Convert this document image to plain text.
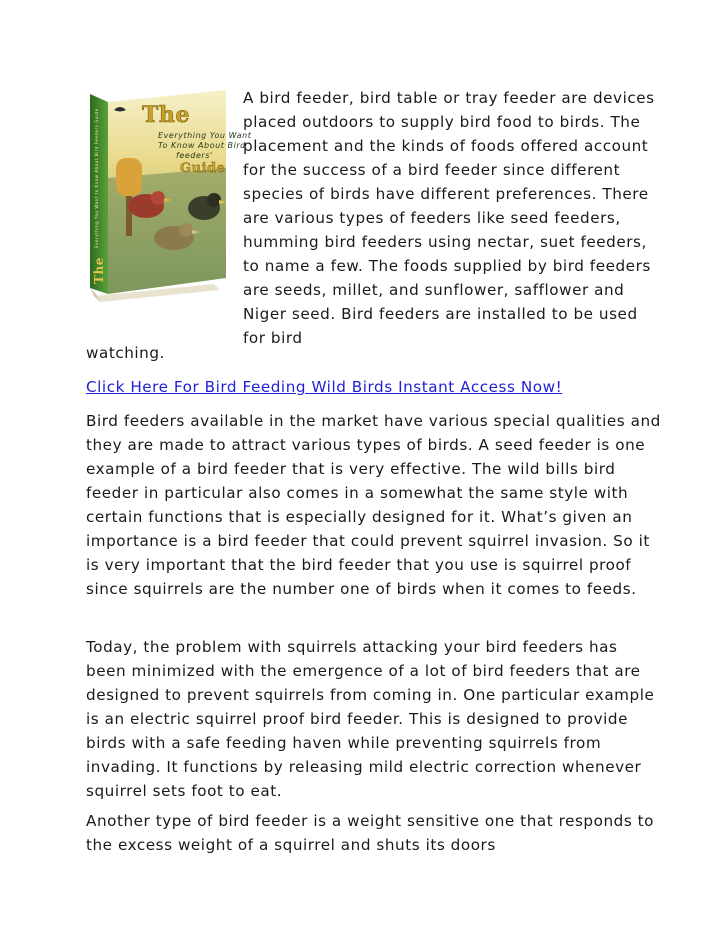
The
Everything You Want
To Know About Bird
feeders'
Guide
The
Everything You Want to Know About Bird Feeders Guide

A bird feeder, bird table or tray feeder are devices placed outdoors to supply bird food to birds. The placement and the kinds of foods offered account for the success of a bird feeder since different species of birds have different preferences. There are various types of feeders like seed feeders, humming bird feeders using nectar, suet feeders, to name a few. The foods supplied by bird feeders are seeds, millet, and sunflower, safflower and Niger seed. Bird feeders are installed to be used for bird

watching.

Click Here For Bird Feeding Wild Birds Instant Access Now!

Bird feeders available in the market have various special qualities and they are made to attract various types of birds. A seed feeder is one example of a bird feeder that is very effective. The wild bills bird feeder in particular also comes in a somewhat the same style with certain functions that is especially designed for it. What’s given an importance is a bird feeder that could prevent squirrel invasion. So it is very important that the bird feeder that you use is squirrel proof since squirrels are the number one of birds when it comes to feeds.

Today, the problem with squirrels attacking your bird feeders has been minimized with the emergence of a lot of bird feeders that are designed to prevent squirrels from coming in. One particular example is an electric squirrel proof bird feeder. This is designed to provide birds with a safe feeding haven while preventing squirrels from invading. It functions by releasing mild electric correction whenever squirrel sets foot to eat.

Another type of bird feeder is a weight sensitive one that responds to the excess weight of a squirrel and shuts its doors
